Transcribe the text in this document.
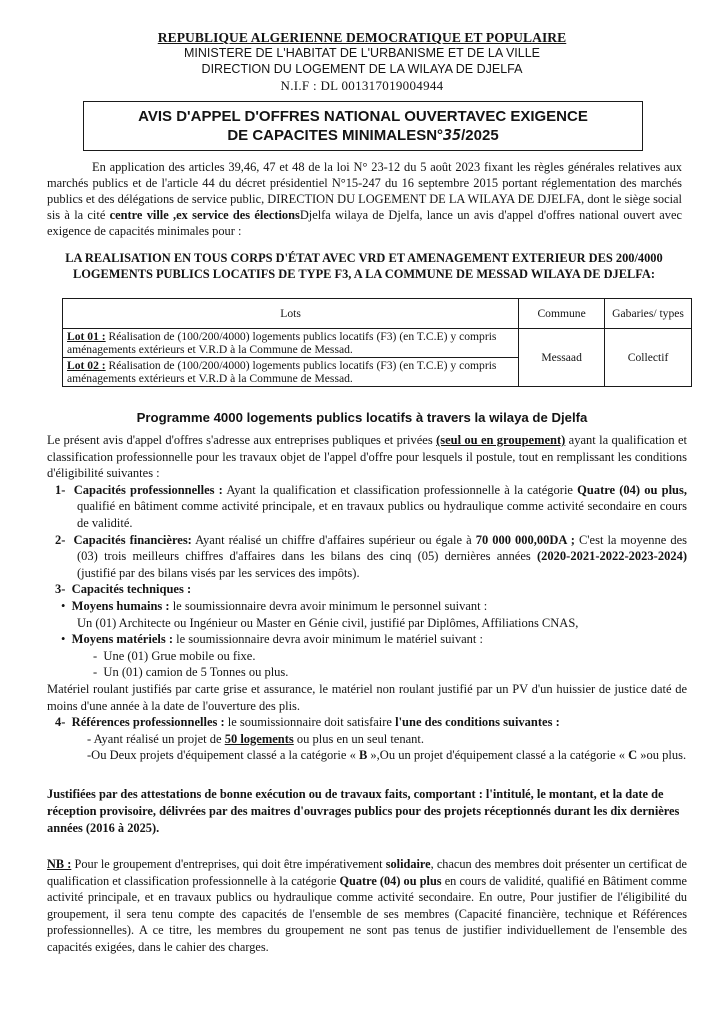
REPUBLIQUE ALGERIENNE DEMOCRATIQUE ET POPULAIRE
MINISTERE DE L'HABITAT DE L'URBANISME ET DE LA VILLE
DIRECTION DU LOGEMENT DE LA WILAYA DE DJELFA
N.I.F : DL 001317019004944
AVIS D'APPEL D'OFFRES NATIONAL OUVERTAVEC EXIGENCE
DE CAPACITES MINIMALESN°35/2025
En application des articles 39,46, 47 et 48 de la loi N° 23-12 du 5 août 2023 fixant les règles générales relatives aux marchés publics et de l'article 44 du décret présidentiel N°15-247 du 16 septembre 2015 portant réglementation des marchés publics et des délégations de service public, DIRECTION DU LOGEMENT DE LA WILAYA DE DJELFA, dont le siège social sis à la cité centre ville ,ex service des électionsDjelfa wilaya de Djelfa, lance un avis d'appel d'offres national ouvert avec exigence de capacités minimales pour :
LA REALISATION EN TOUS CORPS D'ÉTAT AVEC VRD ET AMENAGEMENT EXTERIEUR DES 200/4000 LOGEMENTS PUBLICS LOCATIFS DE TYPE F3, A LA COMMUNE DE MESSAD WILAYA DE DJELFA:
Lots	Commune	Gabaries/ types
Lot 01 : Réalisation de (100/200/4000) logements publics locatifs (F3) (en T.C.E) y compris aménagements extérieurs et V.R.D à la Commune de Messad.	Messaad	Collectif
Lot 02 : Réalisation de (100/200/4000) logements publics locatifs (F3) (en T.C.E) y compris aménagements extérieurs et V.R.D à la Commune de Messad.		
Programme 4000 logements publics locatifs à travers la wilaya de Djelfa

Le présent avis d'appel d'offres s'adresse aux entreprises publiques et privées (seul ou en groupement) ayant la qualification et classification professionnelle pour les travaux objet de l'appel d'offre pour lesquels il postule, tout en remplissant les conditions d'éligibilité suivantes :

1- Capacités professionnelles : Ayant la qualification et classification professionnelle à la catégorie Quatre (04) ou plus, qualifié en bâtiment comme activité principale, et en travaux publics ou hydraulique comme activité secondaire en cours de validité.

2- Capacités financières: Ayant réalisé un chiffre d'affaires supérieur ou égale à 70 000 000,00DA ; C'est la moyenne des (03) trois meilleurs chiffres d'affaires dans les bilans des cinq (05) dernières années (2020-2021-2022-2023-2024) (justifié par des bilans visés par les services des impôts).

3- Capacités techniques :

•  Moyens humains : le soumissionnaire devra avoir minimum le personnel suivant :

Un (01) Architecte ou Ingénieur ou Master en Génie civil, justifié par Diplômes, Affiliations CNAS,

•  Moyens matériels : le soumissionnaire devra avoir minimum le matériel suivant :

-  Une (01) Grue mobile ou fixe.

-  Un (01) camion de 5 Tonnes ou plus.

Matériel roulant justifiés par carte grise et assurance, le matériel non roulant justifié par un PV d'un huissier de justice daté de moins d'une année à la date de l'ouverture des plis.

4- Références professionnelles : le soumissionnaire doit satisfaire l'une des conditions suivantes :

- Ayant réalisé un projet de 50 logements ou plus en un seul tenant.

-Ou Deux projets d'équipement classé a la catégorie « B »,Ou un projet d'équipement classé a la catégorie « C »ou plus.

Justifiées par des attestations de bonne exécution ou de travaux faits, comportant : l'intitulé, le montant, et la date de réception provisoire, délivrées par des maitres d'ouvrages publics pour des projets réceptionnés durant les dix dernières années (2016 à 2025).
NB : Pour le groupement d'entreprises, qui doit être impérativement solidaire, chacun des membres doit présenter un certificat de qualification et classification professionnelle à la catégorie Quatre (04) ou plus en cours de validité, qualifié en Bâtiment comme activité principale, et en travaux publics ou hydraulique comme activité secondaire. En outre, Pour justifier de l'éligibilité du groupement, il sera tenu compte des capacités de l'ensemble de ses membres (Capacité financière, technique et Références professionnelles). A ce titre, les membres du groupement ne sont pas tenus de justifier individuellement de l'ensemble des capacités exigées, dans le cahier des charges.
